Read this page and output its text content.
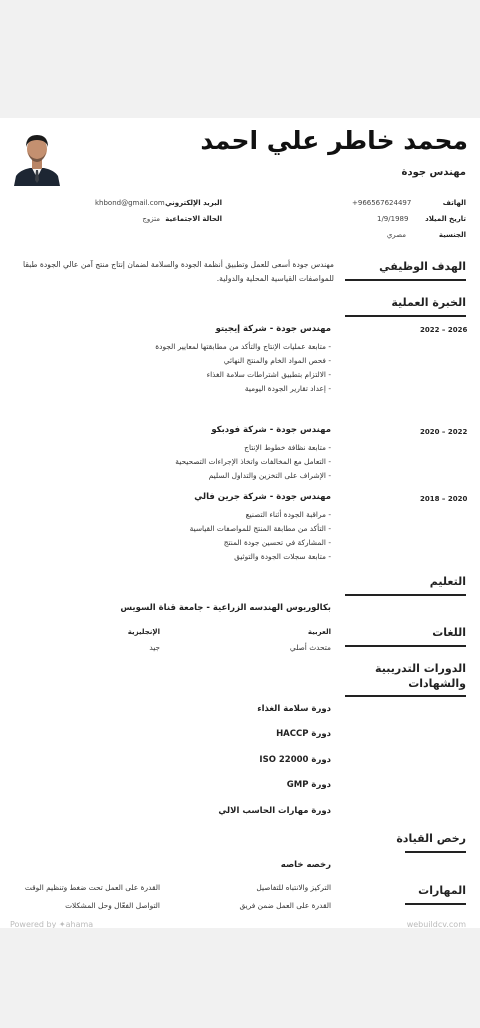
محمد خاطر علي احمد
مهندس جودة
الهاتف
+966567624497
البريد الإلكتروني
khbond@gmail.com
تاريخ الميلاد
1/9/1989
الحالة الاجتماعية
متزوج
الجنسية
مصري
الهدف الوظيفي
مهندس جودة أسعى للعمل وتطبيق أنظمة الجودة والسلامة لضمان إنتاج منتج آمن عالي الجودة طبقا للمواصفات القياسية المحلية والدولية.
الخبرة العملية
2022 – 2026
مهندس جودة - شركة إيجيتو
- متابعة عمليات الإنتاج والتأكد من مطابقتها لمعايير الجودة
- فحص المواد الخام والمنتج النهائي
- الالتزام بتطبيق اشتراطات سلامة الغذاء
- إعداد تقارير الجودة اليومية
2020 – 2022
مهندس جودة - شركة فودبكو
- متابعة نظافة خطوط الإنتاج
- التعامل مع المخالفات واتخاذ الإجراءات التصحيحية
- الإشراف على التخزين والتداول السليم
2018 – 2020
مهندس جودة - شركة جرين فالي
- مراقبة الجودة أثناء التصنيع
- التأكد من مطابقة المنتج للمواصفات القياسية
- المشاركة في تحسين جودة المنتج
- متابعة سجلات الجودة والتوثيق
التعليم
بكالوريوس الهندسه الزراعية - جامعة قناة السويس
اللغات
العربية
متحدث أصلي
الإنجليزية
جيد
الدورات التدريبية
والشهادات
دورة سلامة الغذاء
دورة HACCP
دورة ISO 22000
دورة GMP
دورة مهارات الحاسب الالي
رخص القيادة
رخصه خاصه
المهارات
التركيز والانتباه للتفاصيل
القدرة على العمل تحت ضغط وتنظيم الوقت
القدرة على العمل ضمن فريق
التواصل الفعّال وحل المشكلات
Powered by ✦ahama	webuildcv.com
